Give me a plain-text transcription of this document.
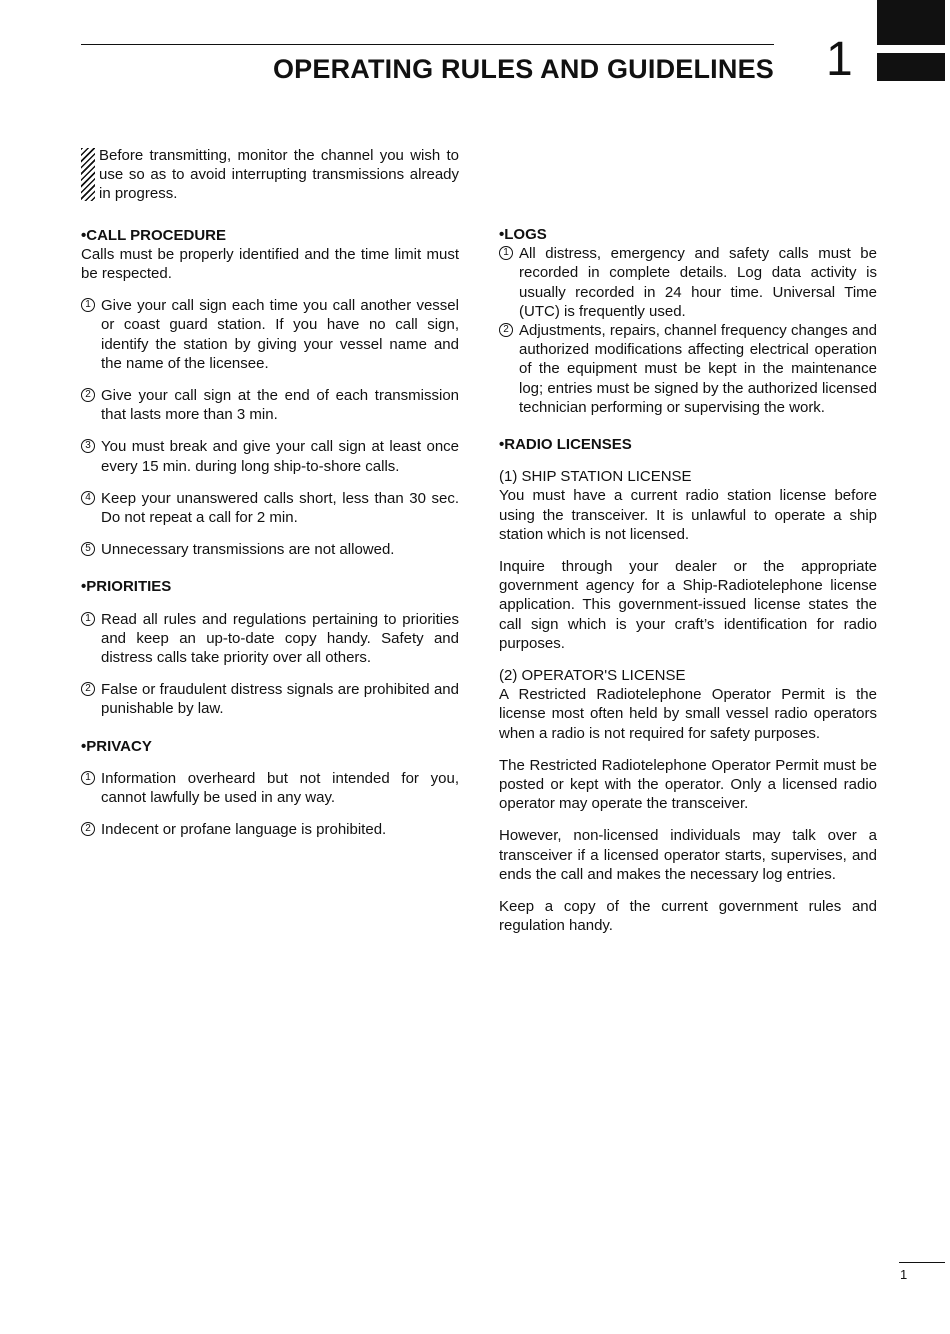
OPERATING RULES AND GUIDELINES 1

Before transmitting, monitor the channel you wish to use so as to avoid interrupting transmissions already in progress.

•CALL PROCEDURE

Calls must be properly identified and the time limit must be respected.

1 Give your call sign each time you call another vessel or coast guard station. If you have no call sign, identify the station by giving your vessel name and the name of the licensee.

2 Give your call sign at the end of each transmission that lasts more than 3 min.

3 You must break and give your call sign at least once every 15 min. during long ship-to-shore calls.

4 Keep your unanswered calls short, less than 30 sec. Do not repeat a call for 2 min.

5 Unnecessary transmissions are not allowed.

•PRIORITIES

1 Read all rules and regulations pertaining to priorities and keep an up-to-date copy handy. Safety and distress calls take priority over all others.

2 False or fraudulent distress signals are prohibited and punishable by law.

•PRIVACY

1 Information overheard but not intended for you, cannot lawfully be used in any way.

2 Indecent or profane language is prohibited.

•LOGS

1 All distress, emergency and safety calls must be recorded in complete details. Log data activity is usually recorded in 24 hour time. Universal Time (UTC) is frequently used.

2 Adjustments, repairs, channel frequency changes and authorized modifications affecting electrical operation of the equipment must be kept in the maintenance log; entries must be signed by the authorized licensed technician performing or supervising the work.

•RADIO LICENSES

(1) SHIP STATION LICENSE

You must have a current radio station license before using the transceiver. It is unlawful to operate a ship station which is not licensed.

Inquire through your dealer or the appropriate government agency for a Ship-Radiotelephone license application. This government-issued license states the call sign which is your craft’s identification for radio purposes.

(2) OPERATOR'S LICENSE

A Restricted Radiotelephone Operator Permit is the license most often held by small vessel radio operators when a radio is not required for safety purposes.

The Restricted Radiotelephone Operator Permit must be posted or kept with the operator. Only a licensed radio operator may operate the transceiver.

However, non-licensed individuals may talk over a transceiver if a licensed operator starts, supervises, and ends the call and makes the necessary log entries.

Keep a copy of the current government rules and regulation handy.

1
